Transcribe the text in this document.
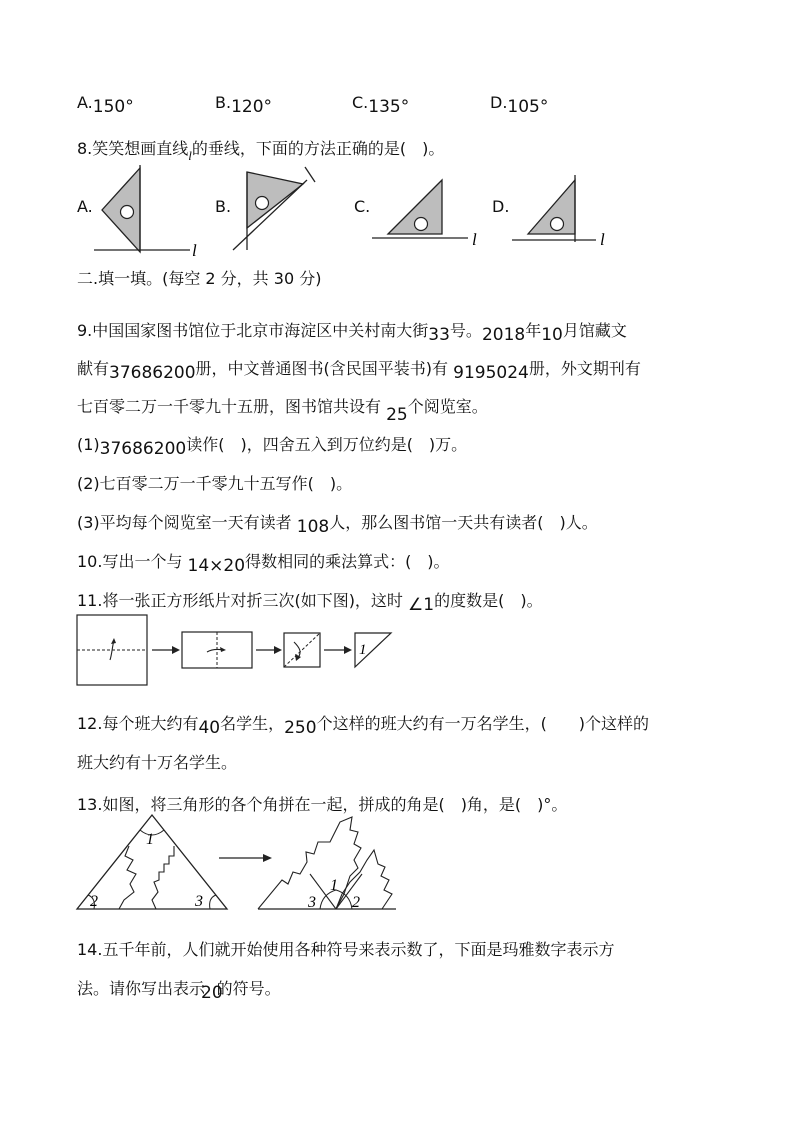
A.150°	B.120°	C.135°	D.105°
8.笑笑想画直线$_l$的垂线，下面的方法正确的是(　)。
A.	B.	C.	D.
l
l	l
二.填一填。(每空 2 分，共 30 分)
9.中国国家图书馆位于北京市海淀区中关村南大街33号。2018年10月馆藏文
献有37686200册，中文普通图书(含民国平装书)有 9195024册，外文期刊有
七百零二万一千零九十五册，图书馆共设有 25个阅览室。
(1)37686200读作(　)，四舍五入到万位约是(　)万。
(2)七百零二万一千零九十五写作(　)。
(3)平均每个阅览室一天有读者 108人，那么图书馆一天共有读者(　)人。
10.写出一个与 14×20得数相同的乘法算式：(　)。
11.将一张正方形纸片对折三次(如下图)，这时 ∠1的度数是(　)。
1
12.每个班大约有40名学生，250个这样的班大约有一万名学生，(　　)个这样的
班大约有十万名学生。
13.如图，将三角形的各个角拼在一起，拼成的角是(　)角，是(　)°。
1
2	3
1
2
3
14.五千年前，人们就开始使用各种符号来表示数了，下面是玛雅数字表示方
法。请你写出表示20的符号。
